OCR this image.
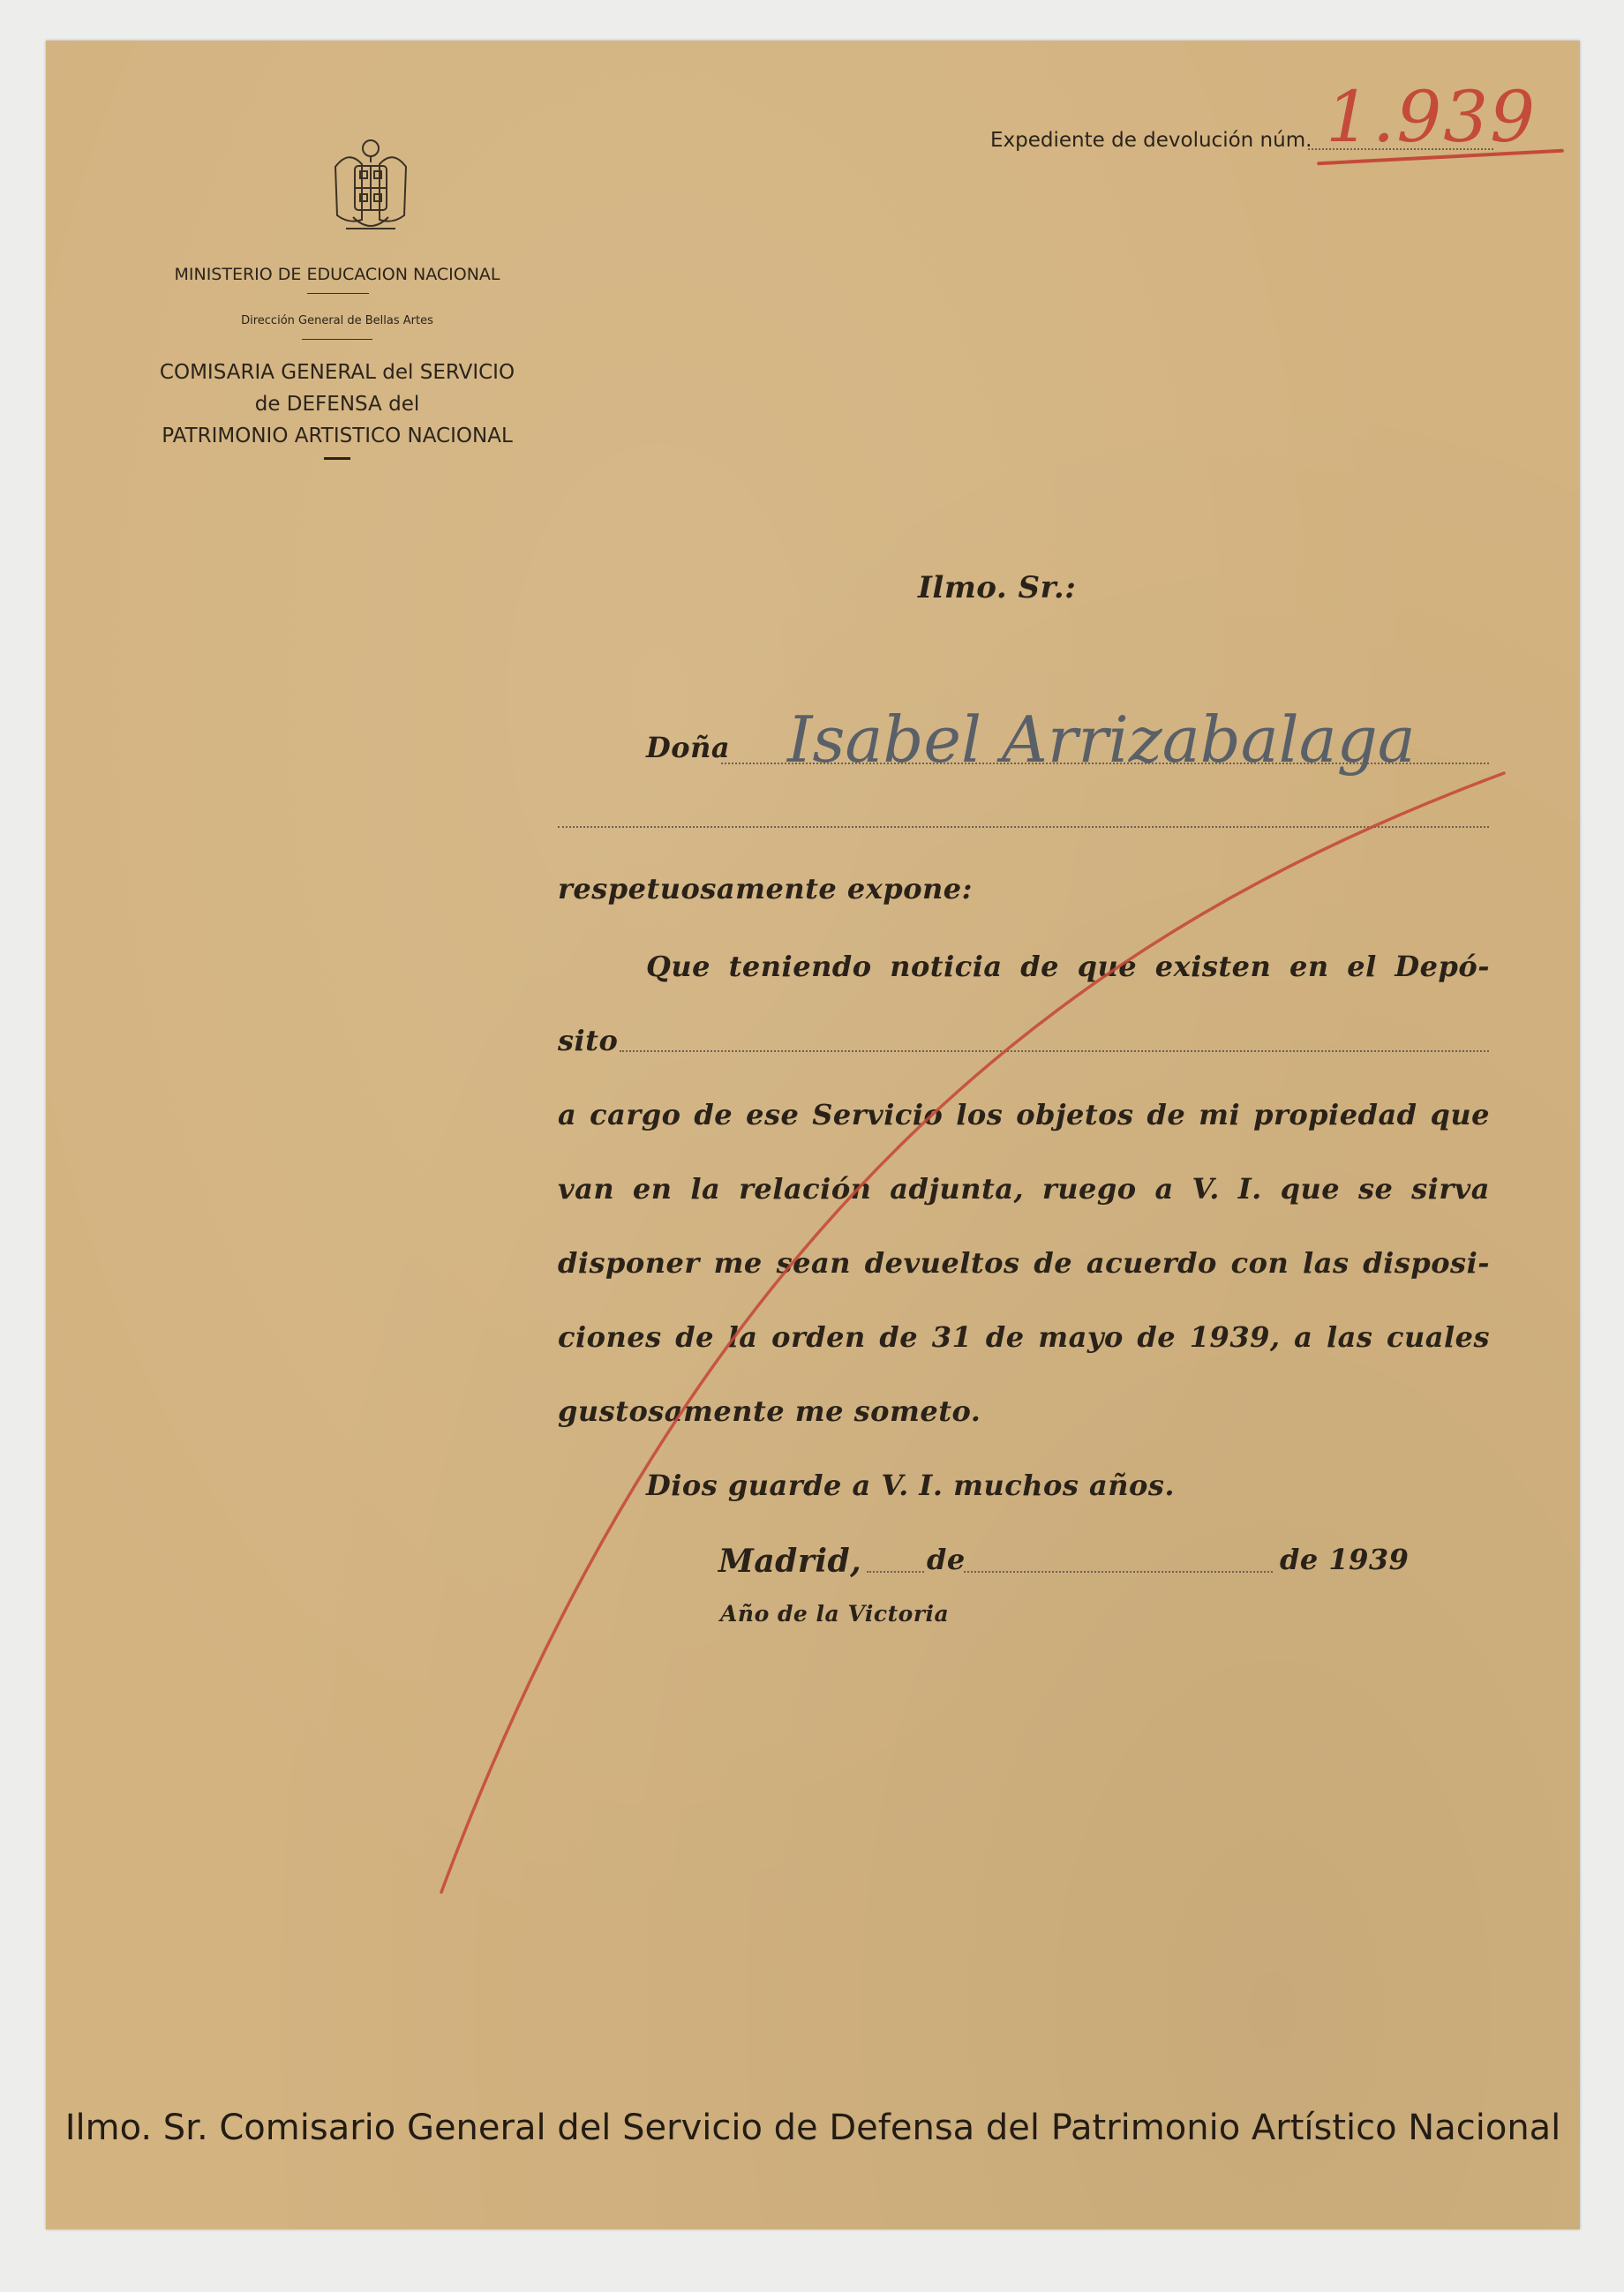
MINISTERIO DE EDUCACION NACIONAL
Dirección General de Bellas Artes
COMISARIA GENERAL del SERVICIO
de DEFENSA del
PATRIMONIO ARTISTICO NACIONAL
Expediente de devolución núm. 1.939
Ilmo. Sr.:
Doña Isabel Arrizabalaga
respetuosamente expone:
Que teniendo noticia de que existen en el Depó-
sito
a cargo de ese Servicio los objetos de mi propiedad que
van en la relación adjunta, ruego a V. I. que se sirva
disponer me sean devueltos de acuerdo con las disposi-
ciones de la orden de 31 de mayo de 1939, a las cuales
gustosamente me someto.
Dios guarde a V. I. muchos años.
Madrid, de	de 1939
Año de la Victoria
Ilmo. Sr. Comisario General del Servicio de Defensa del Patrimonio Artístico Nacional
